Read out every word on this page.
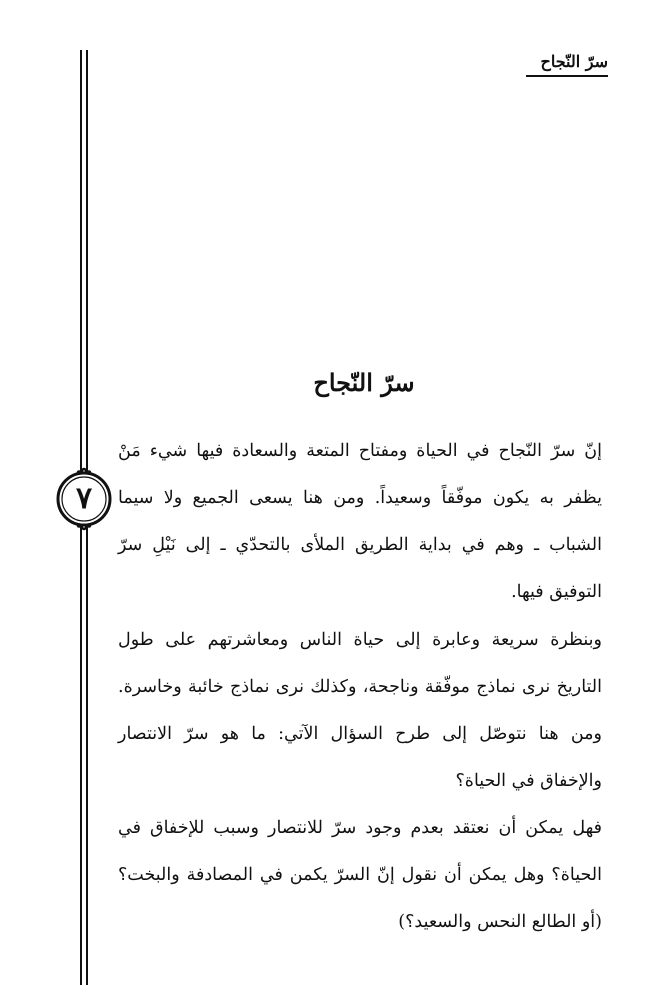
سرّ النّجاح
٧
سرّ النّجاح
إنّ سرّ النّجاح في الحياة ومفتاح المتعة والسعادة فيها شيء مَنْ يظفر به يكون موفّقاً وسعيداً. ومن هنا يسعى الجميع ولا سيما الشباب ـ وهم في بداية الطريق الملأى بالتحدّي ـ إلى نَيْلِ سرّ التوفيق فيها.
وبنظرة سريعة وعابرة إلى حياة الناس ومعاشرتهم على طول التاريخ نرى نماذج موفّقة وناجحة، وكذلك نرى نماذج خائبة وخاسرة. ومن هنا نتوصّل إلى طرح السؤال الآتي: ما هو سرّ الانتصار والإخفاق في الحياة؟
فهل يمكن أن نعتقد بعدم وجود سرّ للانتصار وسبب للإخفاق في الحياة؟ وهل يمكن أن نقول إنّ السرّ يكمن في المصادفة والبخت؟ (أو الطالع النحس والسعيد؟)
